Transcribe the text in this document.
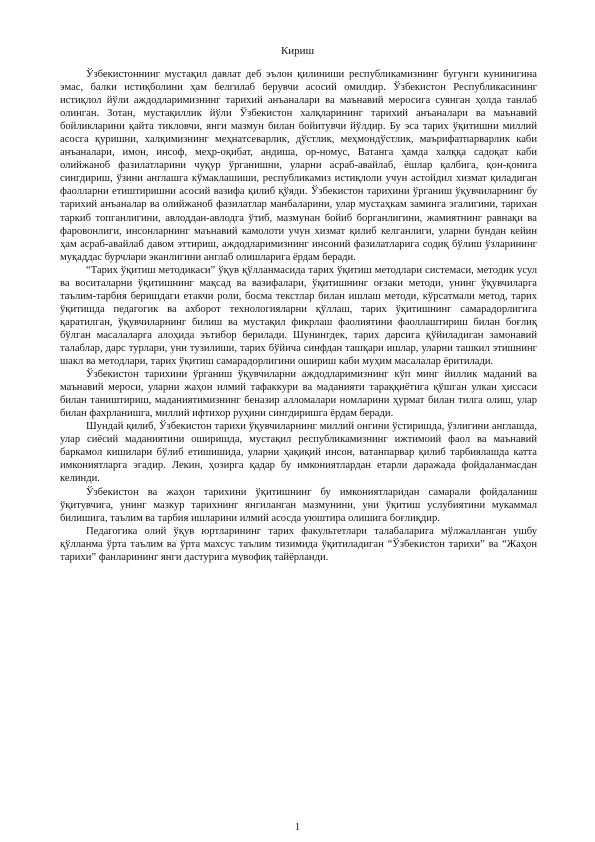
Кириш

Ўзбекистоннинг мустақил давлат деб эълон қилиниши республикамизнинг бугунги кунинигина эмас, балки истиқболини ҳам белгилаб берувчи асосий омилдир. Ўзбекистон Республикасининг истиқлол йўли аждодларимизнинг тарихий анъаналари ва маънавий меросига суянган ҳолда танлаб олинган. Зотан, мустақиллик йўли Ўзбекистон халқларининг тарихий анъаналари ва маънавий бойликларини қайта тикловчи, янги мазмун билан бойитувчи йўлдир. Бу эса тарих ўқитишни миллий асосга қуришни, халқимизнинг меҳнатсеварлик, дўстлик, меҳмондўстлик, маърифатпарварлик каби анъаналари, имон, инсоф, меҳр-оқибат, андиша, ор-номус, Ватанга ҳамда халққа садоқат каби олийжаноб фазилатларини чуқур ўрганишни, уларни асраб-авайлаб, ёшлар қалбига, қон-қонига сингдириш, ўзини англашга кўмаклашиши, республикамиз истиқлоли учун астойдил хизмат қиладиган фаолларни етиштиришни асосий вазифа қилиб қўяди. Ўзбекистон тарихини ўрганиш ўқувчиларнинг бу тарихий анъаналар ва олийжаноб фазилатлар манбаларини, улар мустаҳкам заминга эгалигини, тарихан таркиб топганлигини, авлоддан-авлодга ўтиб, мазмунан бойиб борганлигини, жамиятнинг равнақи ва фаровонлиги, инсонларнинг маънавий камолоти учун хизмат қилиб келганлиги, уларни бундан кейин ҳам асраб-авайлаб давом эттириш, аждодларимизнинг инсоний фазилатларига содиқ бўлиш ўзларининг муқаддас бурчлари эканлигини англаб олишларига ёрдам беради.

“Тарих ўқитиш методикаси” ўқув қўлланмасида тарих ўқитиш методлари системаси, методик усул ва воситаларни ўқитишнинг мақсад ва вазифалари, ўқитишнинг оғзаки методи, унинг ўқувчиларга таълим-тарбия беришдаги етакчи роли, босма текстлар билан ишлаш методи, кўрсатмали метод, тарих ўқитишда педагогик ва ахборот технологияларни қўллаш, тарих ўқитишнинг самарадорлигига қаратилган, ўқувчиларнинг билиш ва мустақил фикрлаш фаолиятини фаоллаштириш билан боғлиқ бўлган масалаларга алоҳида эътибор берилади. Шунингдек, тарих дарсига қўйиладиган замонавий талаблар, дарс турлари, уни тузилиши, тарих бўйича синфдан ташқари ишлар, уларни ташкил этишнинг шакл ва методлари, тарих ўқитиш самарадорлигини ошириш каби муҳим масалалар ёритилади.

Ўзбекистон тарихини ўрганиш ўқувчиларни аждодларимизнинг кўп минг йиллик маданий ва маънавий мероси, уларни жаҳон илмий тафаккури ва маданияти тараққиётига қўшган улкан ҳиссаси билан таништириш, маданиятимизнинг беназир алломалари номларини ҳурмат билан тилга олиш, улар билан фахрланишга, миллий ифтихор руҳини сингдиришга ёрдам беради.

Шундай қилиб, Ўзбекистон тарихи ўқувчиларнинг миллий онгини ўстиришда, ўзлигини англашда, улар сиёсий маданиятини оширишда, мустақил республикамизнинг ижтимоий фаол ва маънавий баркамол кишилари бўлиб етишишида, уларни ҳақиқий инсон, ватанпарвар қилиб тарбиялашда катта имкониятларга эгадир. Лекин, ҳозирга қадар бу имкониятлардан етарли даражада фойдаланмасдан келинди.

Ўзбекистон ва жаҳон тарихини ўқитишнинг бу имкониятларидан самарали фойдаланиш ўқитувчига, унинг мазкур тарихнинг янгиланган мазмунини, уни ўқитиш услубиятини мукаммал билишига, таълим ва тарбия ишларини илмий асосда уюштира олишига боғлиқдир.

Педагогика олий ўқув юртларининг тарих факультетлари талабаларига мўлжалланган ушбу қўлланма ўрта таълим ва ўрта махсус таълим тизимида ўқитиладиган “Ўзбекистон тарихи” ва “Жаҳон тарихи” фанларининг янги дастурига мувофиқ тайёрланди.

1
